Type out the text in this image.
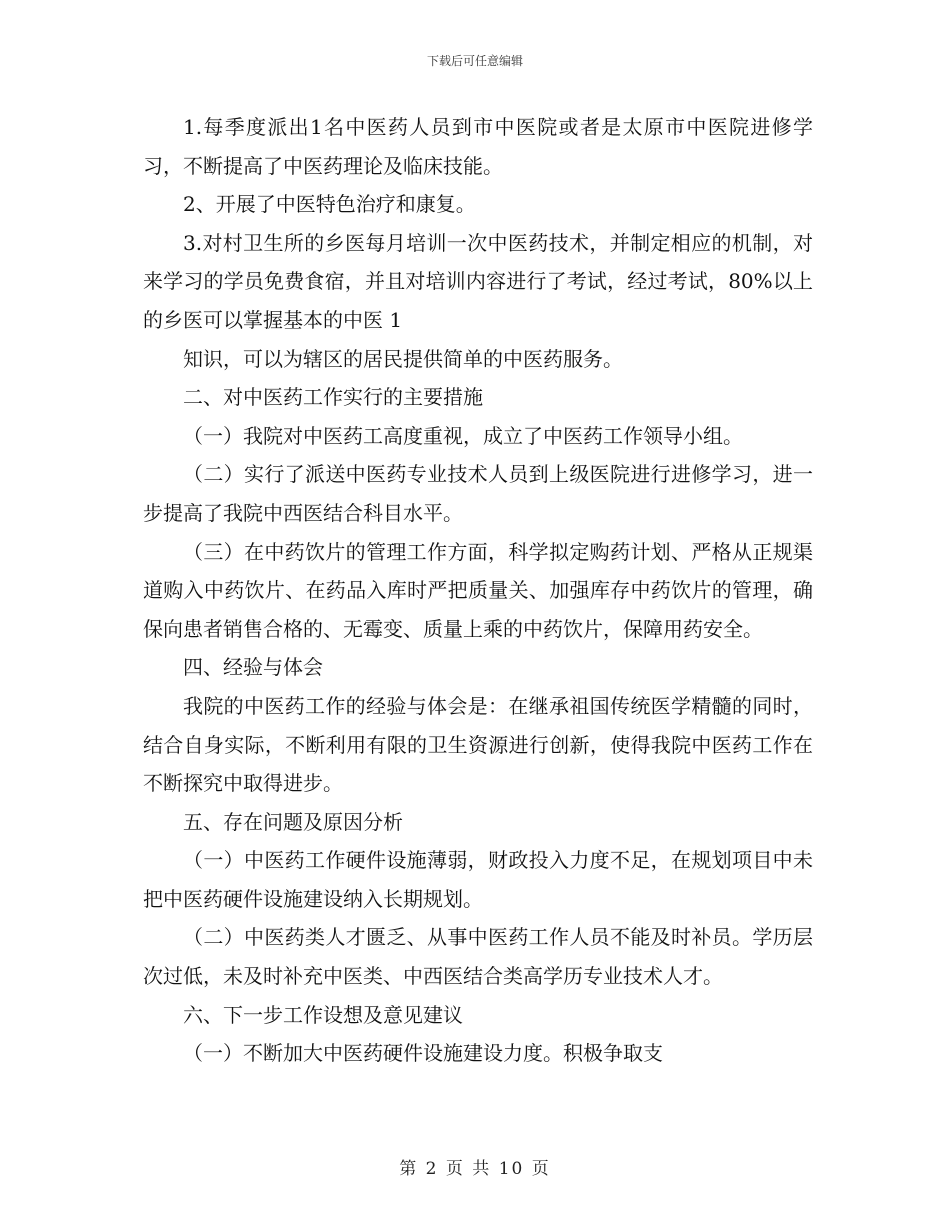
下载后可任意编辑

1.每季度派出1名中医药人员到市中医院或者是太原市中医院进修学习，不断提高了中医药理论及临床技能。

2、开展了中医特色治疗和康复。

3.对村卫生所的乡医每月培训一次中医药技术，并制定相应的机制，对来学习的学员免费食宿，并且对培训内容进行了考试，经过考试，80%以上的乡医可以掌握基本的中医 1

知识，可以为辖区的居民提供简单的中医药服务。

二、对中医药工作实行的主要措施

（一）我院对中医药工高度重视，成立了中医药工作领导小组。

（二）实行了派送中医药专业技术人员到上级医院进行进修学习，进一步提高了我院中西医结合科目水平。

（三）在中药饮片的管理工作方面，科学拟定购药计划、严格从正规渠道购入中药饮片、在药品入库时严把质量关、加强库存中药饮片的管理，确保向患者销售合格的、无霉变、质量上乘的中药饮片，保障用药安全。

四、经验与体会

我院的中医药工作的经验与体会是：在继承祖国传统医学精髓的同时，结合自身实际，不断利用有限的卫生资源进行创新，使得我院中医药工作在不断探究中取得进步。

五、存在问题及原因分析

（一）中医药工作硬件设施薄弱，财政投入力度不足，在规划项目中未把中医药硬件设施建设纳入长期规划。

（二）中医药类人才匮乏、从事中医药工作人员不能及时补员。学历层次过低，未及时补充中医类、中西医结合类高学历专业技术人才。

六、下一步工作设想及意见建议

（一）不断加大中医药硬件设施建设力度。积极争取支

第 2 页 共 10 页
